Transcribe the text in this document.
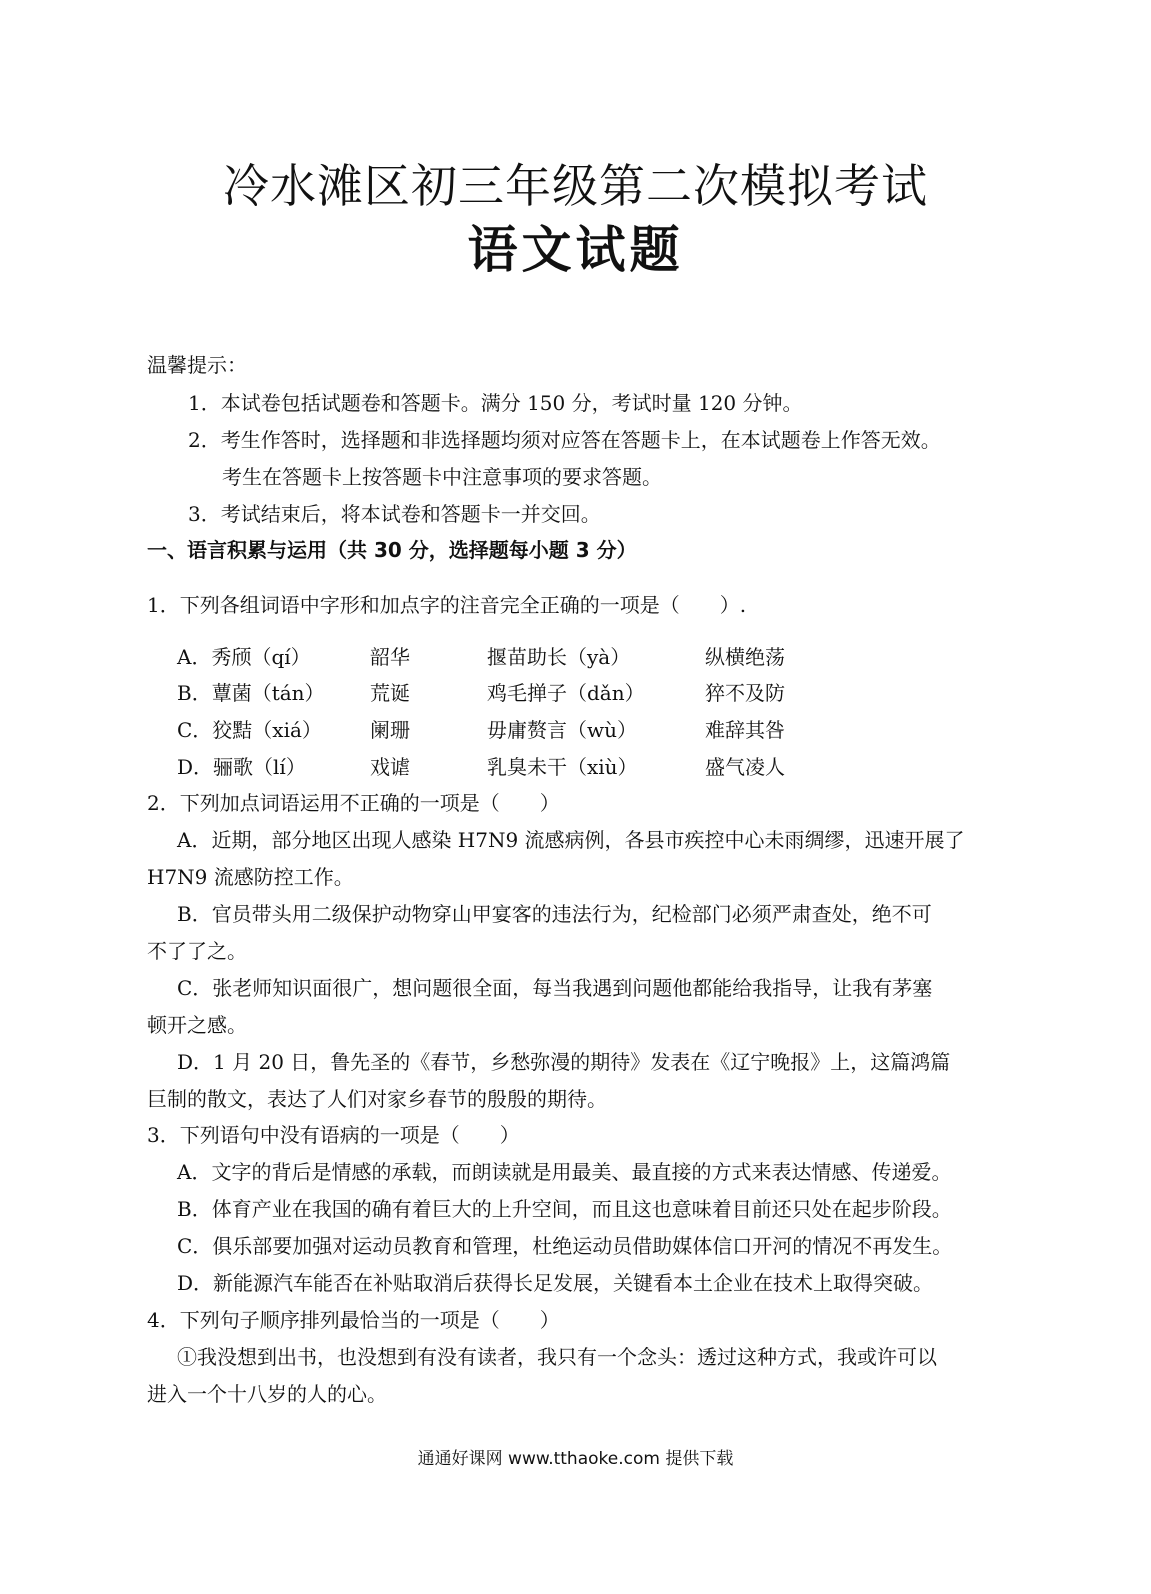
冷水滩区初三年级第二次模拟考试
语文试题
温馨提示：
1．本试卷包括试题卷和答题卡。满分 150 分，考试时量 120 分钟。
2．考生作答时，选择题和非选择题均须对应答在答题卡上，在本试题卷上作答无效。
考生在答题卡上按答题卡中注意事项的要求答题。
3．考试结束后，将本试卷和答题卡一并交回。
一、语言积累与运用（共 30 分，选择题每小题 3 分）
1．下列各组词语中字形和加点字的注音完全正确的一项是（　　）.
A．秀颀（qí）	韶华	揠苗助长（yà）	纵横绝荡
B．蕈菌（tán） 荒诞	鸡毛掸子（dǎn）	猝不及防
C．狡黠（xiá） 阑珊	毋庸赘言（wù）	难辞其咎
D．骊歌（lí）	戏谑	乳臭未干（xiù）	盛气凌人
2．下列加点词语运用不正确的一项是（　　）
A．近期，部分地区出现人感染 H7N9 流感病例，各县市疾控中心未雨绸缪，迅速开展了
H7N9 流感防控工作。
B．官员带头用二级保护动物穿山甲宴客的违法行为，纪检部门必须严肃查处，绝不可
不了了之。
C．张老师知识面很广，想问题很全面，每当我遇到问题他都能给我指导，让我有茅塞
顿开之感。
D．1 月 20 日，鲁先圣的《春节，乡愁弥漫的期待》发表在《辽宁晚报》上，这篇鸿篇
巨制的散文，表达了人们对家乡春节的殷殷的期待。
3．下列语句中没有语病的一项是（　　）
A．文字的背后是情感的承载，而朗读就是用最美、最直接的方式来表达情感、传递爱。
B．体育产业在我国的确有着巨大的上升空间，而且这也意味着目前还只处在起步阶段。
C．俱乐部要加强对运动员教育和管理，杜绝运动员借助媒体信口开河的情况不再发生。
D．新能源汽车能否在补贴取消后获得长足发展，关键看本土企业在技术上取得突破。
4．下列句子顺序排列最恰当的一项是（　　）
①我没想到出书，也没想到有没有读者，我只有一个念头：透过这种方式，我或许可以
进入一个十八岁的人的心。
通通好课网 www.tthaoke.com 提供下载
